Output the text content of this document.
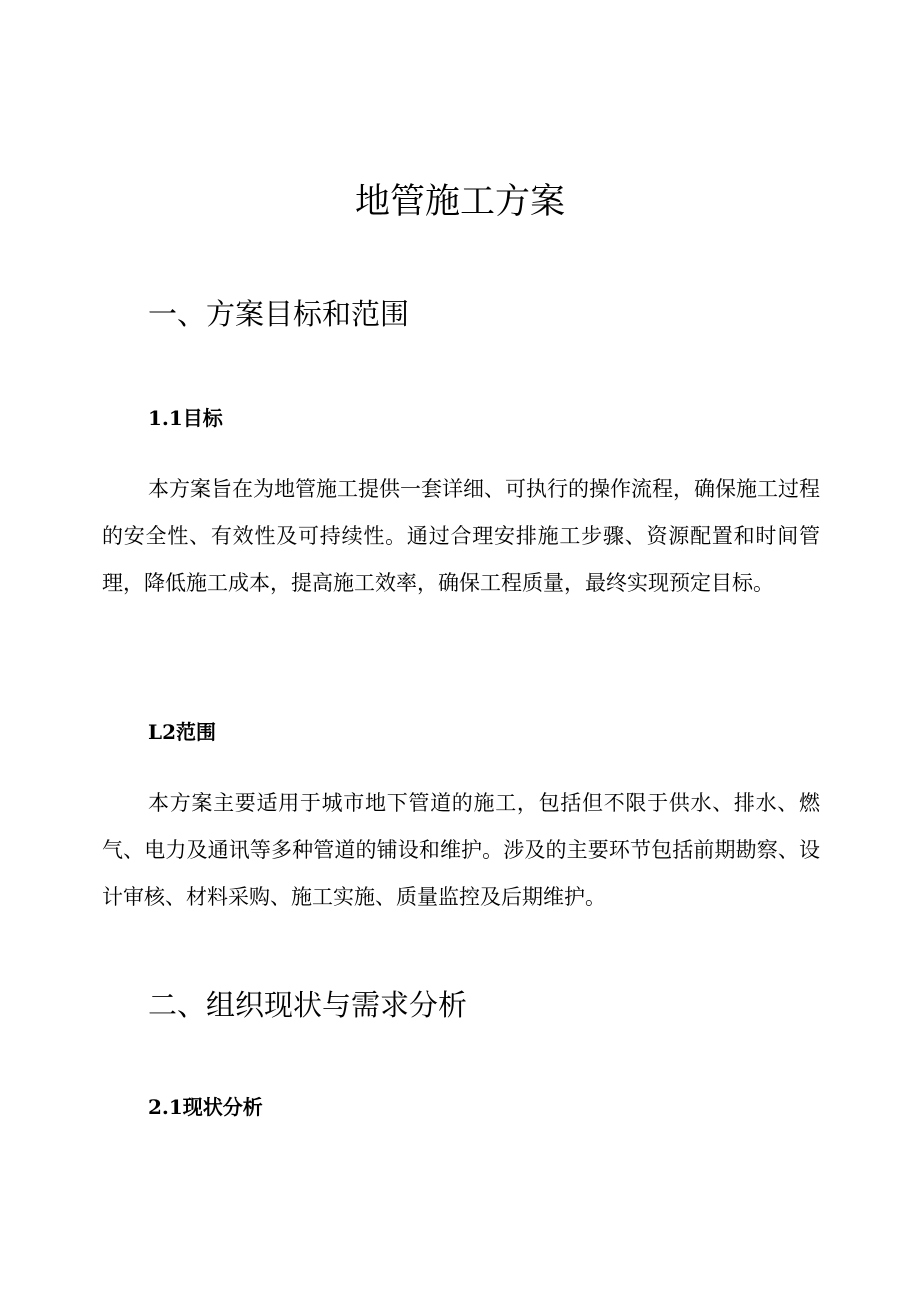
地管施工方案
一、方案目标和范围
1.1目标

本方案旨在为地管施工提供一套详细、可执行的操作流程，确保施工过程的安全性、有效性及可持续性。通过合理安排施工步骤、资源配置和时间管理，降低施工成本，提高施工效率，确保工程质量，最终实现预定目标。

L2范围

本方案主要适用于城市地下管道的施工，包括但不限于供水、排水、燃气、电力及通讯等多种管道的铺设和维护。涉及的主要环节包括前期勘察、设计审核、材料采购、施工实施、质量监控及后期维护。

二、组织现状与需求分析
2.1现状分析
